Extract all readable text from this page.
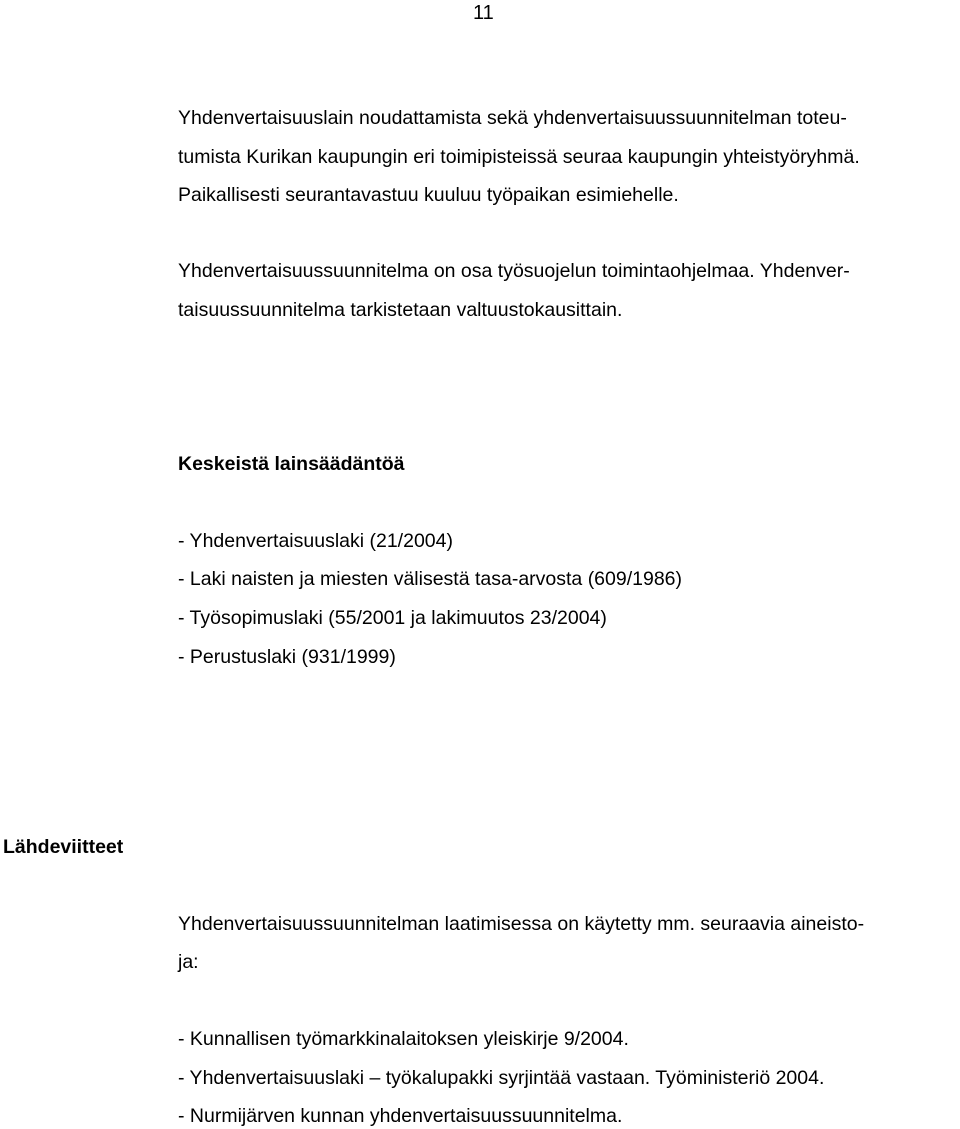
11
Yhdenvertaisuuslain noudattamista sekä yhdenvertaisuussuunnitelman toteu-
tumista Kurikan kaupungin eri toimipisteissä seuraa kaupungin yhteistyöryhmä.
Paikallisesti seurantavastuu kuuluu työpaikan esimiehelle.
Yhdenvertaisuussuunnitelma on osa työsuojelun toimintaohjelmaa. Yhdenver-
taisuussuunnitelma tarkistetaan valtuustokausittain.
Keskeistä lainsäädäntöä
- Yhdenvertaisuuslaki (21/2004)
- Laki naisten ja miesten välisestä tasa-arvosta (609/1986)
- Työsopimuslaki (55/2001 ja lakimuutos 23/2004)
- Perustuslaki (931/1999)
Lähdeviitteet
Yhdenvertaisuussuunnitelman laatimisessa on käytetty mm. seuraavia aineisto-
ja:
- Kunnallisen työmarkkinalaitoksen yleiskirje 9/2004.
- Yhdenvertaisuuslaki – työkalupakki syrjintää vastaan. Työministeriö 2004.
- Nurmijärven kunnan yhdenvertaisuussuunnitelma.
